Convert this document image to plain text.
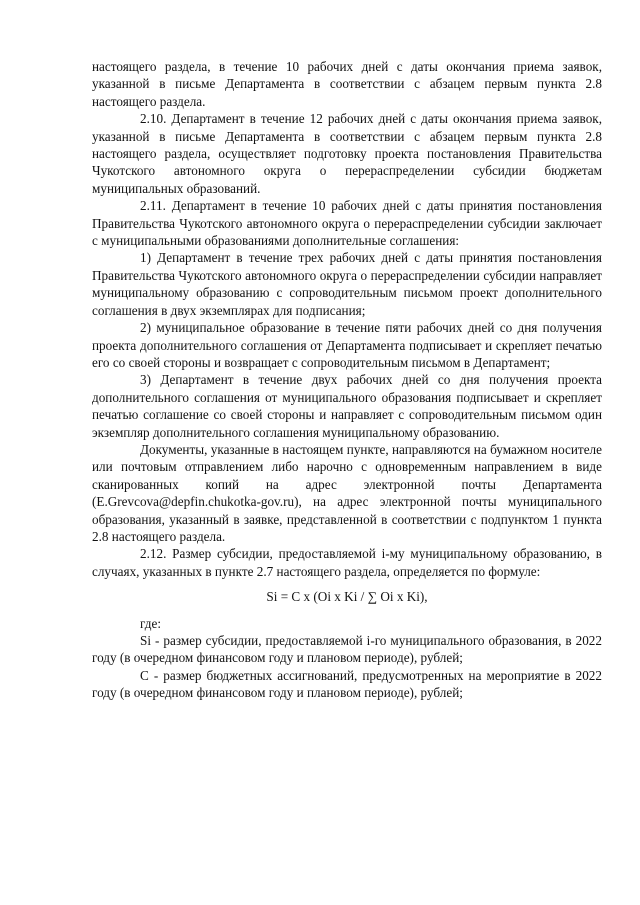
настоящего раздела, в течение 10 рабочих дней с даты окончания приема заявок, указанной в письме Департамента в соответствии с абзацем первым пункта 2.8 настоящего раздела.

2.10. Департамент в течение 12 рабочих дней с даты окончания приема заявок, указанной в письме Департамента в соответствии с абзацем первым пункта 2.8 настоящего раздела, осуществляет подготовку проекта постановления Правительства Чукотского автономного округа о перераспределении субсидии бюджетам муниципальных образований.

2.11. Департамент в течение 10 рабочих дней с даты принятия постановления Правительства Чукотского автономного округа о перераспределении субсидии заключает с муниципальными образованиями дополнительные соглашения:

1) Департамент в течение трех рабочих дней с даты принятия постановления Правительства Чукотского автономного округа о перераспределении субсидии направляет муниципальному образованию с сопроводительным письмом проект дополнительного соглашения в двух экземплярах для подписания;

2) муниципальное образование в течение пяти рабочих дней со дня получения проекта дополнительного соглашения от Департамента подписывает и скрепляет печатью его со своей стороны и возвращает с сопроводительным письмом в Департамент;

3) Департамент в течение двух рабочих дней со дня получения проекта дополнительного соглашения от муниципального образования подписывает и скрепляет печатью соглашение со своей стороны и направляет с сопроводительным письмом один экземпляр дополнительного соглашения муниципальному образованию.

Документы, указанные в настоящем пункте, направляются на бумажном носителе или почтовым отправлением либо нарочно с одновременным направлением в виде сканированных копий на адрес электронной почты Департамента (E.Grevcova@depfin.chukotka-gov.ru), на адрес электронной почты муниципального образования, указанный в заявке, представленной в соответствии с подпунктом 1 пункта 2.8 настоящего раздела.

2.12. Размер субсидии, предоставляемой i-му муниципальному образованию, в случаях, указанных в пункте 2.7 настоящего раздела, определяется по формуле:

Si = C x (Oi x Ki / ∑ Oi x Ki),

где:

Si - размер субсидии, предоставляемой i-го муниципального образования, в 2022 году (в очередном финансовом году и плановом периоде), рублей;

C - размер бюджетных ассигнований, предусмотренных на мероприятие в 2022 году (в очередном финансовом году и плановом периоде), рублей;
